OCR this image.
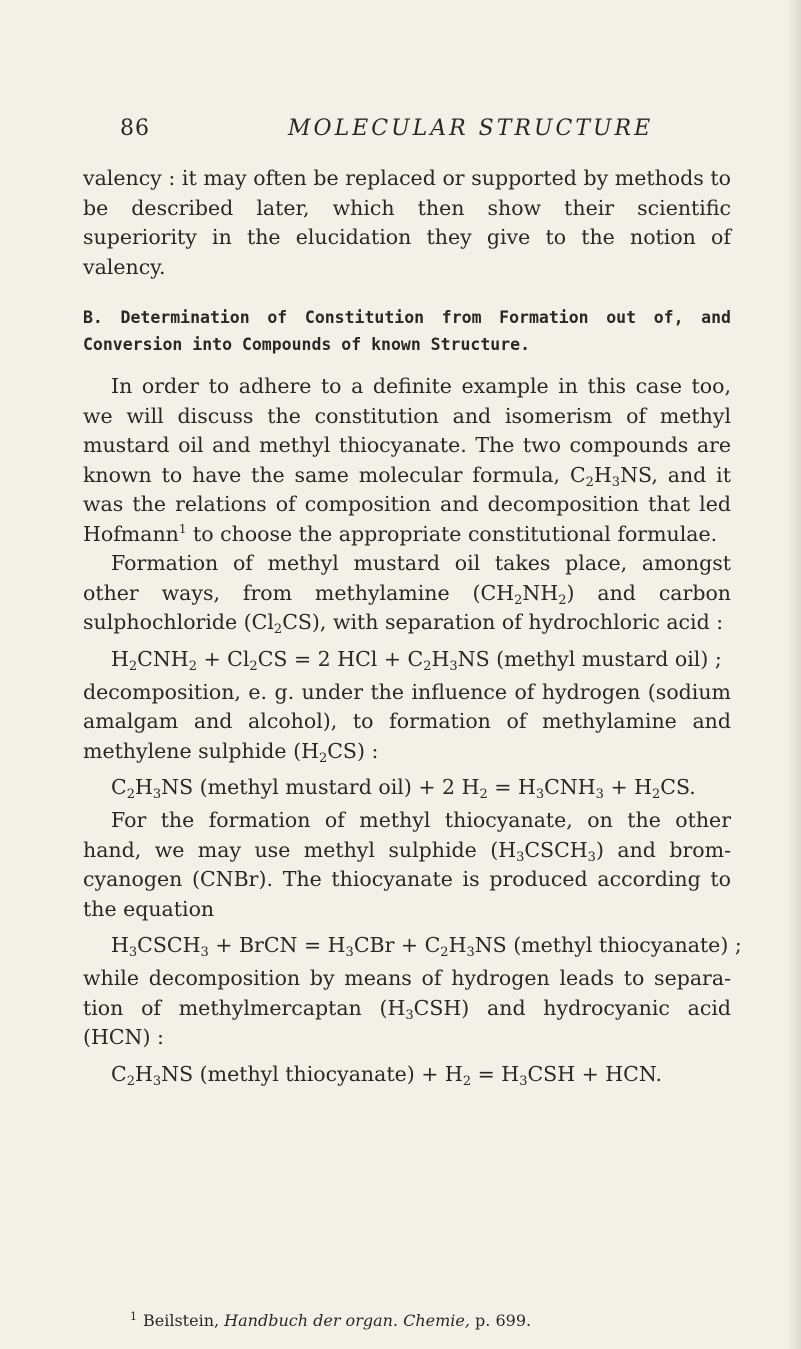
86	MOLECULAR STRUCTURE

valency : it may often be replaced or supported by methods to be described later, which then show their scientific superiority in the elucidation they give to the notion of valency.

B. Determination of Constitution from Formation out of, and Conversion into Compounds of known Structure.

In order to adhere to a definite example in this case too, we will discuss the constitution and isomerism of methyl mustard oil and methyl thiocyanate. The two compounds are known to have the same molecular formula, $C_2H_3NS$, and it was the relations of composition and decomposition that led Hofmann$^1$ to choose the appropriate constitutional formulae.

Formation of methyl mustard oil takes place, amongst other ways, from methylamine $(CH_2NH_2)$ and carbon sulphochloride $(Cl_2CS)$, with separation of hydrochloric acid :

$H_2CNH_2 + Cl_2CS = 2$ HCl + $C_2H_3NS$ (methyl mustard oil) ;

decomposition, e. g. under the influence of hydrogen (sodium amalgam and alcohol), to formation of methylamine and methylene sulphide $(H_2CS)$ :

$C_2H_3NS$ (methyl mustard oil) + 2 $H_2 = H_3CNH_3 + H_2CS$.

For the formation of methyl thiocyanate, on the other hand, we may use methyl sulphide $(H_3CSCH_3)$ and brom-cyanogen (CNBr). The thiocyanate is produced according to the equation

$H_3CSCH_3$ + BrCN = $H_3CBr + C_2H_3NS$ (methyl thiocyanate) ;

while decomposition by means of hydrogen leads to separa-tion of methylmercaptan $(H_3CSH)$ and hydrocyanic acid (HCN) :

$C_2H_3NS$ (methyl thiocyanate) + $H_2 = H_3CSH$ + HCN.
$^1$ Beilstein, Handbuch der organ. Chemie, p. 699.
